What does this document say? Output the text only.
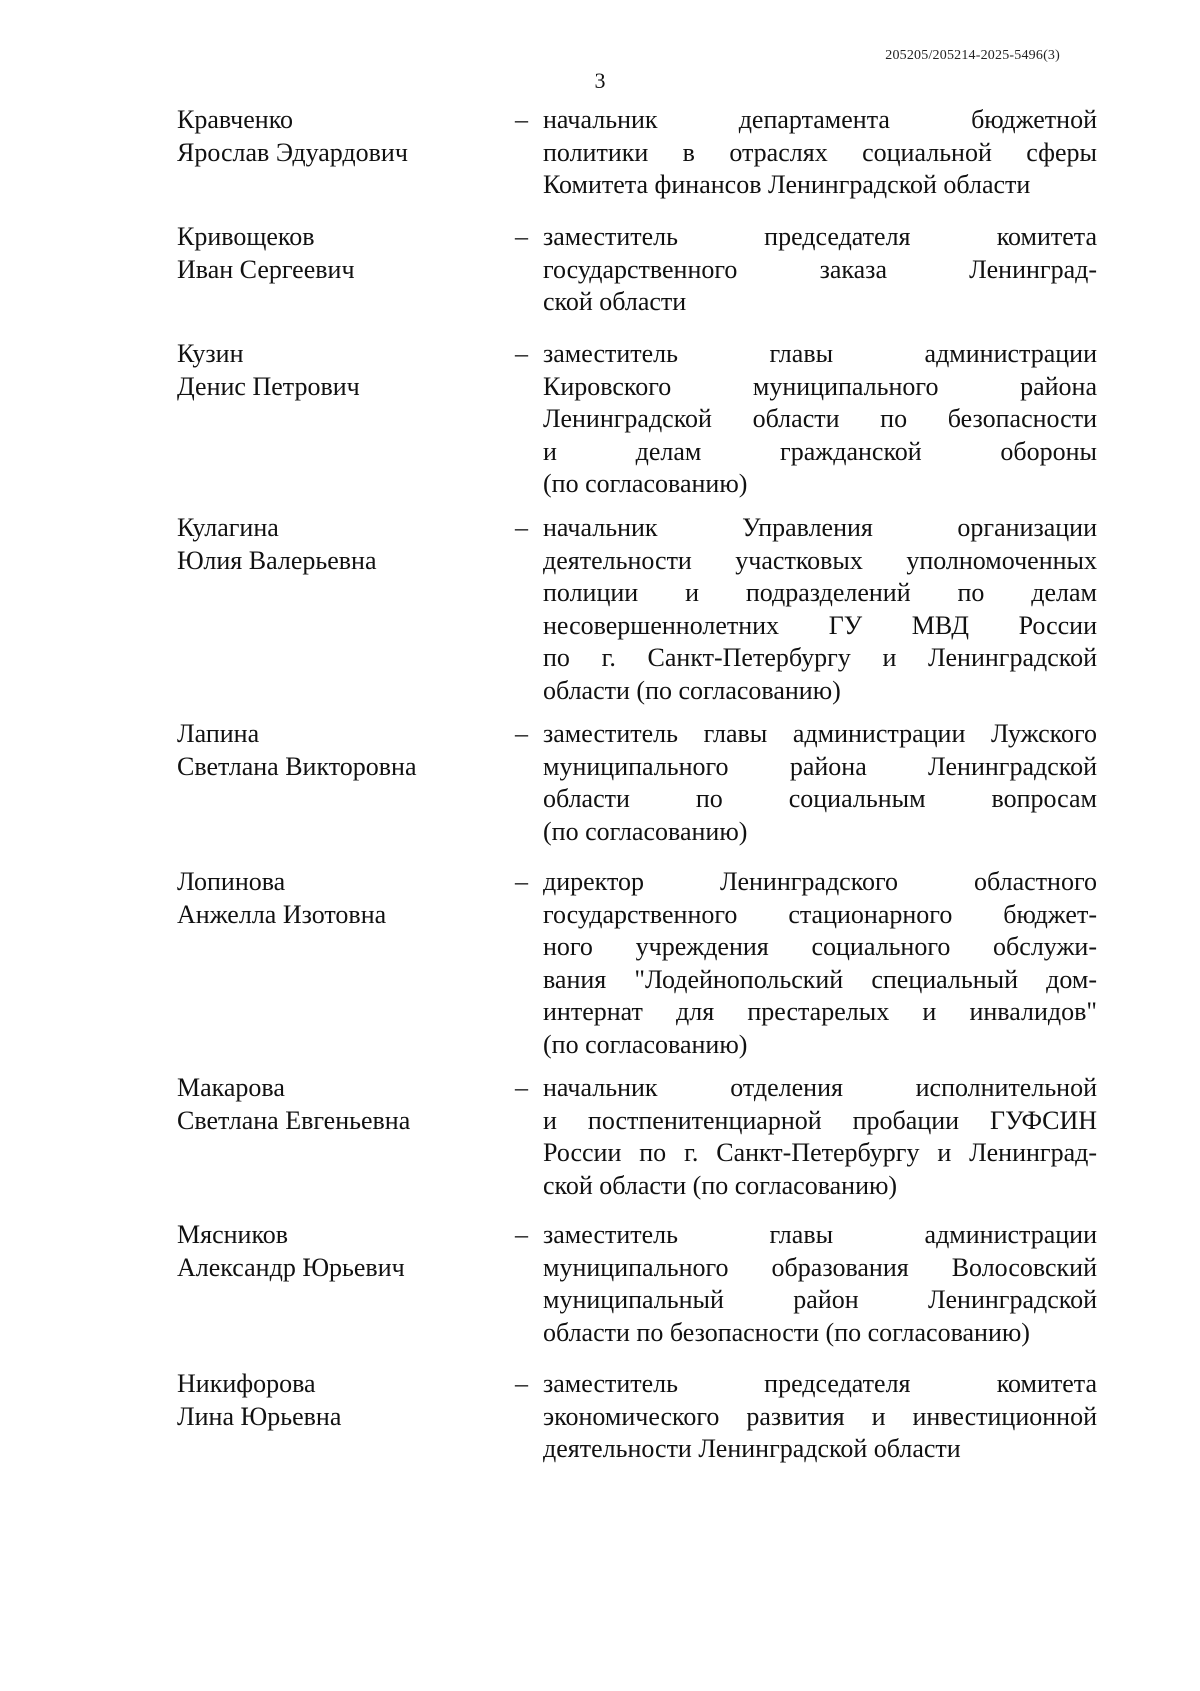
205205/205214-2025-5496(3)
3
Кравченко
Ярослав Эдуардович
– начальник департамента бюджетной
политики в отраслях социальной сферы
Комитета финансов Ленинградской области
Кривощеков
Иван Сергеевич
– заместитель председателя комитета
государственного заказа Ленинград-
ской области
Кузин
Денис Петрович
– заместитель главы администрации
Кировского муниципального района
Ленинградской области по безопасности
и делам гражданской обороны
(по согласованию)
Кулагина
Юлия Валерьевна
– начальник Управления организации
деятельности участковых уполномоченных
полиции и подразделений по делам
несовершеннолетних ГУ МВД России
по г. Санкт-Петербургу и Ленинградской
области (по согласованию)
Лапина
Светлана Викторовна
– заместитель главы администрации Лужского
муниципального района Ленинградской
области по социальным вопросам
(по согласованию)
Лопинова
Анжелла Изотовна
– директор Ленинградского областного
государственного стационарного бюджет-
ного учреждения социального обслужи-
вания "Лодейнопольский специальный дом-
интернат для престарелых и инвалидов"
(по согласованию)
Макарова
Светлана Евгеньевна
– начальник отделения исполнительной
и постпенитенциарной пробации ГУФСИН
России по г. Санкт-Петербургу и Ленинград-
ской области (по согласованию)
Мясников
Александр Юрьевич
– заместитель главы администрации
муниципального образования Волосовский
муниципальный район Ленинградской
области по безопасности (по согласованию)
Никифорова
Лина Юрьевна
– заместитель председателя комитета
экономического развития и инвестиционной
деятельности Ленинградской области
